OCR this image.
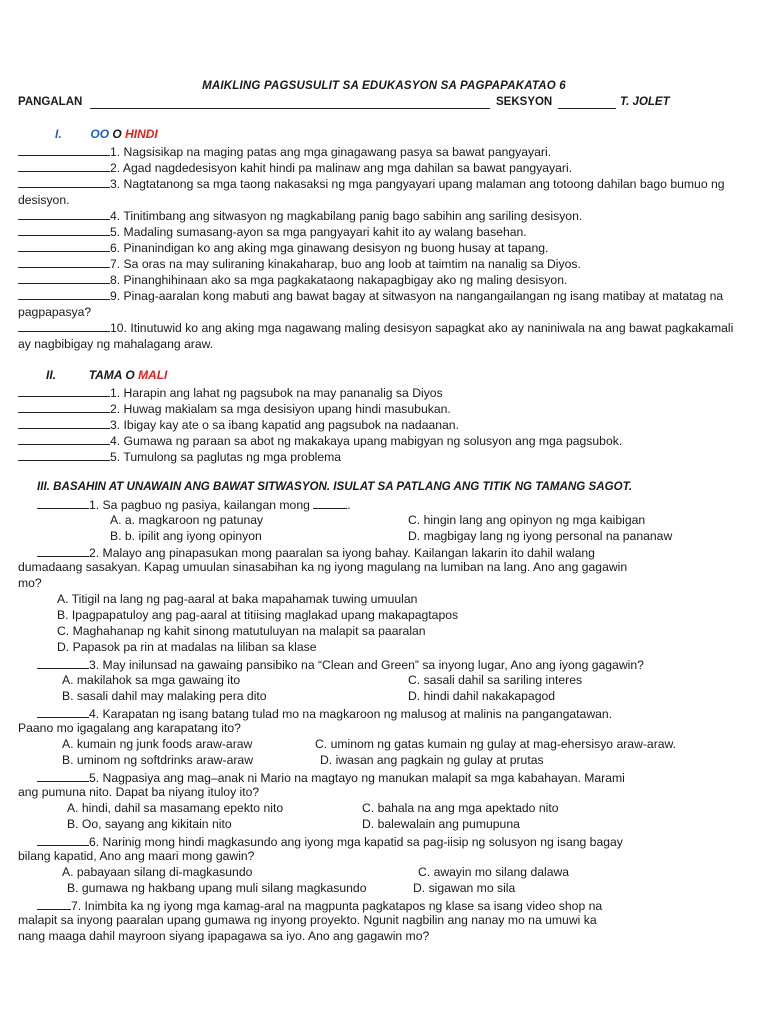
MAIKLING PAGSUSULIT SA EDUKASYON SA PAGPAPAKATAO 6
PANGALAN	SEKSYON	T. JOLET
I. OO O HINDI
1. Nagsisikap na maging patas ang mga ginagawang pasya sa bawat pangyayari.
2. Agad nagdedesisyon kahit hindi pa malinaw ang mga dahilan sa bawat pangyayari.
3. Nagtatanong sa mga taong nakasaksi ng mga pangyayari upang malaman ang totoong dahilan bago bumuo ng desisyon.
4. Tinitimbang ang sitwasyon ng magkabilang panig bago sabihin ang sariling desisyon.
5. Madaling sumasang-ayon sa mga pangyayari kahit ito ay walang basehan.
6. Pinanindigan ko ang aking mga ginawang desisyon ng buong husay at tapang.
7. Sa oras na may suliraning kinakaharap, buo ang loob at taimtim na nanalig sa Diyos.
8. Pinanghihinaan ako sa mga pagkakataong nakapagbigay ako ng maling desisyon.
9. Pinag-aaralan kong mabuti ang bawat bagay at sitwasyon na nangangailangan ng isang matibay at matatag na pagpapasya?
10. Itinutuwid ko ang aking mga nagawang maling desisyon sapagkat ako ay naniniwala na ang bawat pagkakamali ay nagbibigay ng mahalagang araw.
II.	TAMA O MALI
1. Harapin ang lahat ng pagsubok na may pananalig sa Diyos
2. Huwag makialam sa mga desisiyon upang hindi masubukan.
3. Ibigay kay ate o sa ibang kapatid ang pagsubok na nadaanan.
4. Gumawa ng paraan sa abot ng makakaya upang mabigyan ng solusyon ang mga pagsubok.
5. Tumulong sa paglutas ng mga problema
III. BASAHIN AT UNAWAIN ANG BAWAT SITWASYON. ISULAT SA PATLANG ANG TITIK NG TAMANG SAGOT.
1. Sa pagbuo ng pasiya, kailangan mong	.
A. a. magkaroon ng patunay	C. hingin lang ang opinyon ng mga kaibigan
B. b. ipilit ang iyong opinyon	D. magbigay lang ng iyong personal na pananaw
2. Malayo ang pinapasukan mong paaralan sa iyong bahay. Kailangan lakarin ito dahil walang
dumadaang sasakyan. Kapag umuulan sinasabihan ka ng iyong magulang na lumiban na lang. Ano ang gagawin
mo?
A. Titigil na lang ng pag-aaral at baka mapahamak tuwing umuulan
B. Ipagpapatuloy ang pag-aaral at titiising maglakad upang makapagtapos
C. Maghahanap ng kahit sinong matutuluyan na malapit sa paaralan
D. Papasok pa rin at madalas na liliban sa klase
3. May inilunsad na gawaing pansibiko na “Clean and Green” sa inyong lugar, Ano ang iyong gagawin?
A. makilahok sa mga gawaing ito	C. sasali dahil sa sariling interes
B. sasali dahil may malaking pera dito	D. hindi dahil nakakapagod
4. Karapatan ng isang batang tulad mo na magkaroon ng malusog at malinis na pangangatawan.
Paano mo igagalang ang karapatang ito?
A. kumain ng junk foods araw-araw	C. uminom ng gatas kumain ng gulay at mag-ehersisyo araw-araw.
B. uminom ng softdrinks araw-araw	D. iwasan ang pagkain ng gulay at prutas
5. Nagpasiya ang mag–anak ni Mario na magtayo ng manukan malapit sa mga kabahayan. Marami
ang pumuna nito. Dapat ba niyang ituloy ito?
A. hindi, dahil sa masamang epekto nito	C. bahala na ang mga apektado nito
B. Oo, sayang ang kikitain nito	D. balewalain ang pumupuna
6. Narinig mong hindi magkasundo ang iyong mga kapatid sa pag-iisip ng solusyon ng isang bagay
bilang kapatid, Ano ang maari mong gawin?
A. pabayaan silang di-magkasundo	C. awayin mo silang dalawa
B. gumawa ng hakbang upang muli silang magkasundo	D. sigawan mo sila
7. Inimbita ka ng iyong mga kamag-aral na magpunta pagkatapos ng klase sa isang video shop na
malapit sa inyong paaralan upang gumawa ng inyong proyekto. Ngunit nagbilin ang nanay mo na umuwi ka
nang maaga dahil mayroon siyang ipapagawa sa iyo. Ano ang gagawin mo?
